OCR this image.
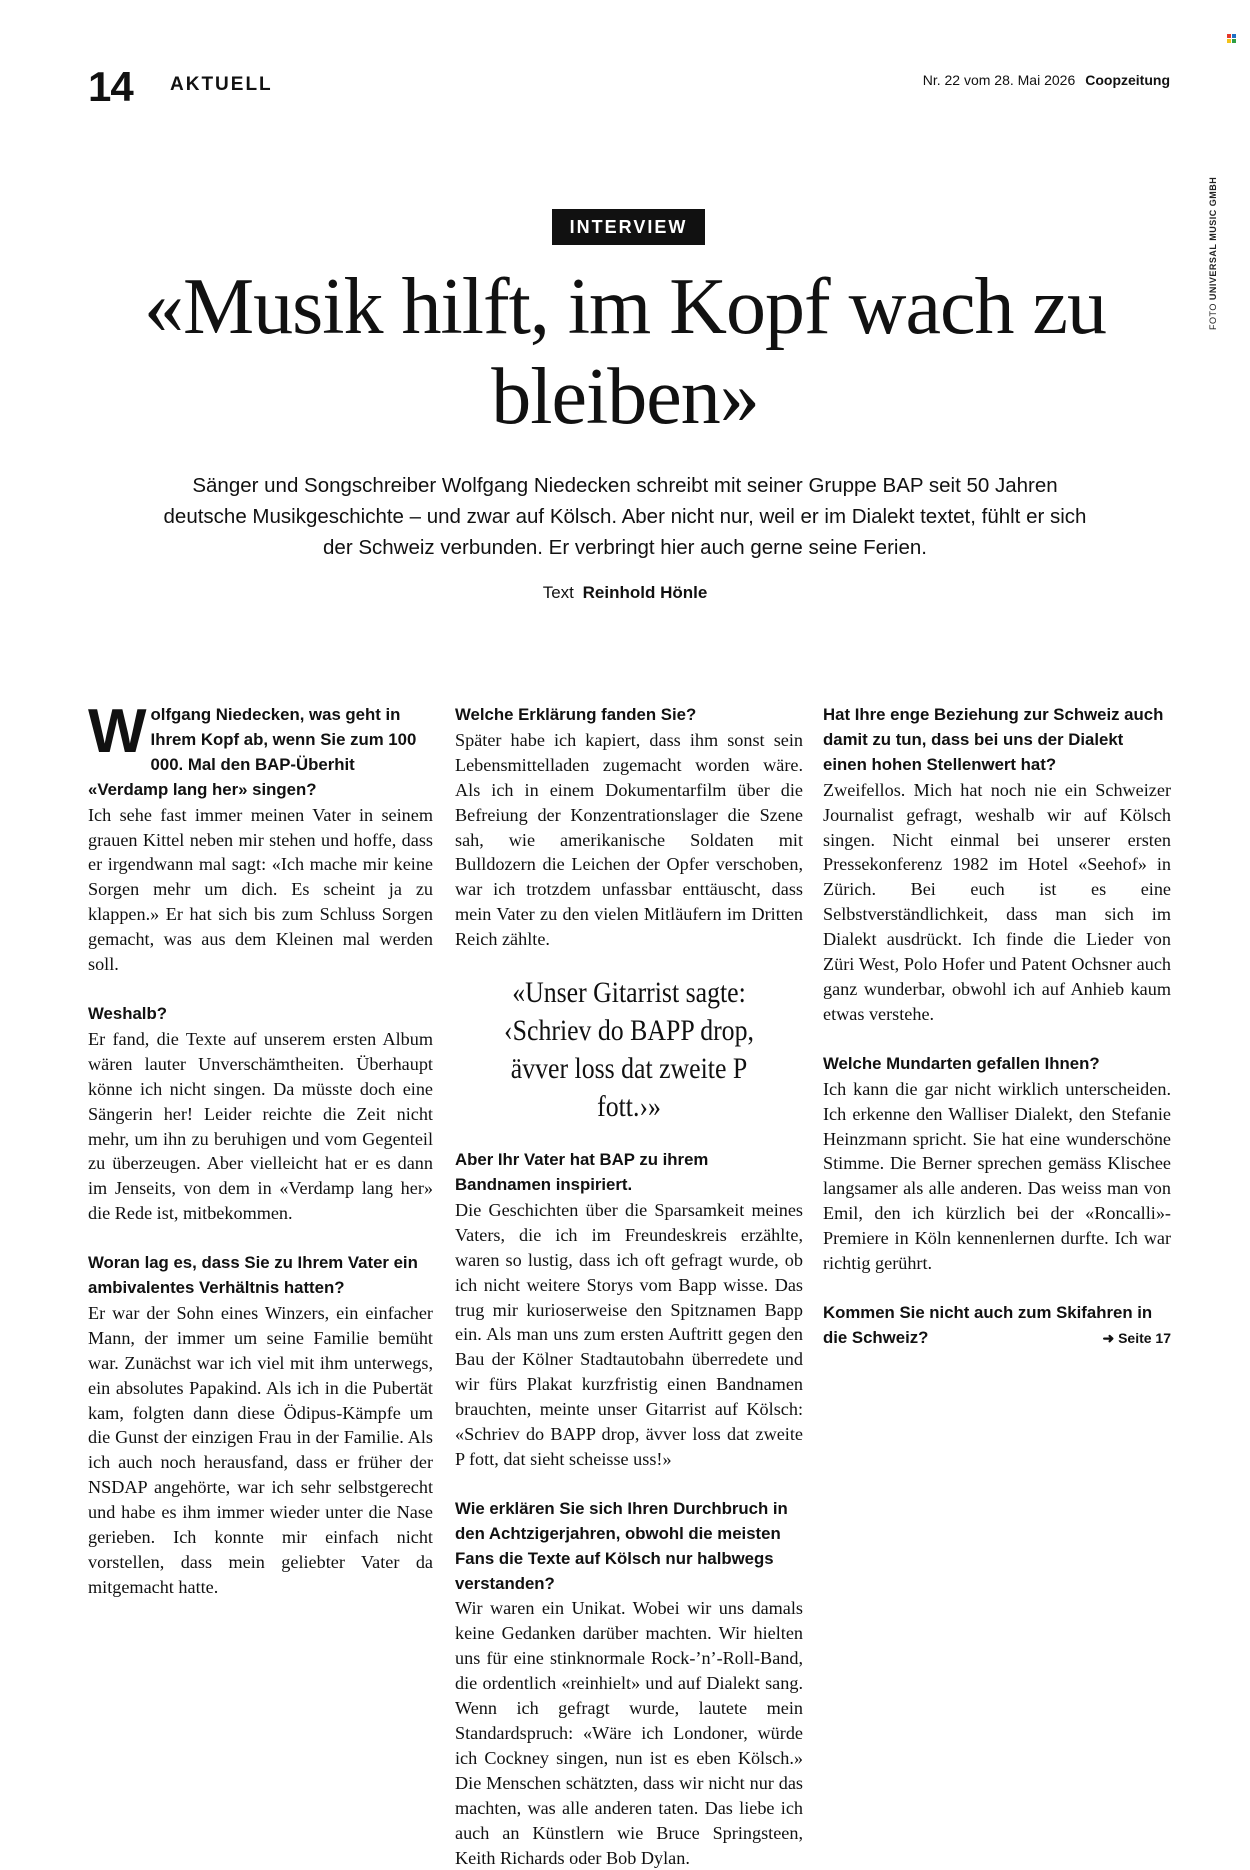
14 AKTUELL	Nr. 22 vom 28. Mai 2026 Coopzeitung
FOTO UNIVERSAL MUSIC GMBH
INTERVIEW
«Musik hilft, im Kopf wach zu bleiben»
Sänger und Songschreiber Wolfgang Niedecken schreibt mit seiner Gruppe BAP seit 50 Jahren deutsche Musikgeschichte – und zwar auf Kölsch. Aber nicht nur, weil er im Dialekt textet, fühlt er sich der Schweiz verbunden. Er verbringt hier auch gerne seine Ferien.
Text Reinhold Hönle

Wolfgang Niedecken, was geht in Ihrem Kopf ab, wenn Sie zum 100 000. Mal den BAP-Überhit «Verdamp lang her» singen?

Ich sehe fast immer meinen Vater in seinem grauen Kittel neben mir stehen und hoffe, dass er irgendwann mal sagt: «Ich mache mir keine Sorgen mehr um dich. Es scheint ja zu klappen.» Er hat sich bis zum Schluss Sorgen gemacht, was aus dem Kleinen mal werden soll.

Weshalb?

Er fand, die Texte auf unserem ersten Album wären lauter Unverschämtheiten. Überhaupt könne ich nicht singen. Da müsste doch eine Sängerin her! Leider reichte die Zeit nicht mehr, um ihn zu beruhigen und vom Gegenteil zu überzeugen. Aber vielleicht hat er es dann im Jenseits, von dem in «Verdamp lang her» die Rede ist, mitbekommen.

Woran lag es, dass Sie zu Ihrem Vater ein ambivalentes Verhältnis hatten?

Er war der Sohn eines Winzers, ein einfacher Mann, der immer um seine Familie bemüht war. Zunächst war ich viel mit ihm unterwegs, ein absolutes Papakind. Als ich in die Pubertät kam, folgten dann diese Ödipus-Kämpfe um die Gunst der einzigen Frau in der Familie. Als ich auch noch herausfand, dass er früher der NSDAP angehörte, war ich sehr selbstgerecht und habe es ihm immer wieder unter die Nase gerieben. Ich konnte mir einfach nicht vorstellen, dass mein geliebter Vater da mitgemacht hatte.

Welche Erklärung fanden Sie?

Später habe ich kapiert, dass ihm sonst sein Lebensmittelladen zugemacht worden wäre. Als ich in einem Dokumentarfilm über die Befreiung der Konzentrationslager die Szene sah, wie amerikanische Soldaten mit Bulldozern die Leichen der Opfer verschoben, war ich trotzdem unfassbar enttäuscht, dass mein Vater zu den vielen Mitläufern im Dritten Reich zählte.

«Unser Gitarrist sagte: ‹Schriev do BAPP drop, ävver loss dat zweite P fott.›»

Aber Ihr Vater hat BAP zu ihrem Bandnamen inspiriert.

Die Geschichten über die Sparsamkeit meines Vaters, die ich im Freundeskreis erzählte, waren so lustig, dass ich oft gefragt wurde, ob ich nicht weitere Storys vom Bapp wisse. Das trug mir kurioserweise den Spitznamen Bapp ein. Als man uns zum ersten Auftritt gegen den Bau der Kölner Stadtautobahn überredete und wir fürs Plakat kurzfristig einen Bandnamen brauchten, meinte unser Gitarrist auf Kölsch: «Schriev do BAPP drop, ävver loss dat zweite P fott, dat sieht scheisse uss!»

Wie erklären Sie sich Ihren Durchbruch in den Achtzigerjahren, obwohl die meisten Fans die Texte auf Kölsch nur halbwegs verstanden?

Wir waren ein Unikat. Wobei wir uns damals keine Gedanken darüber machten. Wir hielten uns für eine stinknormale Rock-’n’-Roll-Band, die ordentlich «reinhielt» und auf Dialekt sang. Wenn ich gefragt wurde, lautete mein Standardspruch: «Wäre ich Londoner, würde ich Cockney singen, nun ist es eben Kölsch.» Die Menschen schätzten, dass wir nicht nur das machten, was alle anderen taten. Das liebe ich auch an Künstlern wie Bruce Springsteen, Keith Richards oder Bob Dylan.

Hat Ihre enge Beziehung zur Schweiz auch damit zu tun, dass bei uns der Dialekt einen hohen Stellenwert hat?

Zweifellos. Mich hat noch nie ein Schweizer Journalist gefragt, weshalb wir auf Kölsch singen. Nicht einmal bei unserer ersten Pressekonferenz 1982 im Hotel «Seehof» in Zürich. Bei euch ist es eine Selbstverständlichkeit, dass man sich im Dialekt ausdrückt. Ich finde die Lieder von Züri West, Polo Hofer und Patent Ochsner auch ganz wunderbar, obwohl ich auf Anhieb kaum etwas verstehe.

Welche Mundarten gefallen Ihnen?

Ich kann die gar nicht wirklich unterscheiden. Ich erkenne den Walliser Dialekt, den Stefanie Heinzmann spricht. Sie hat eine wunderschöne Stimme. Die Berner sprechen gemäss Klischee langsamer als alle anderen. Das weiss man von Emil, den ich kürzlich bei der «Roncalli»-Premiere in Köln kennenlernen durfte. Ich war richtig gerührt.

Kommen Sie nicht auch zum Skifahren in die Schweiz?	➜ Seite 17
